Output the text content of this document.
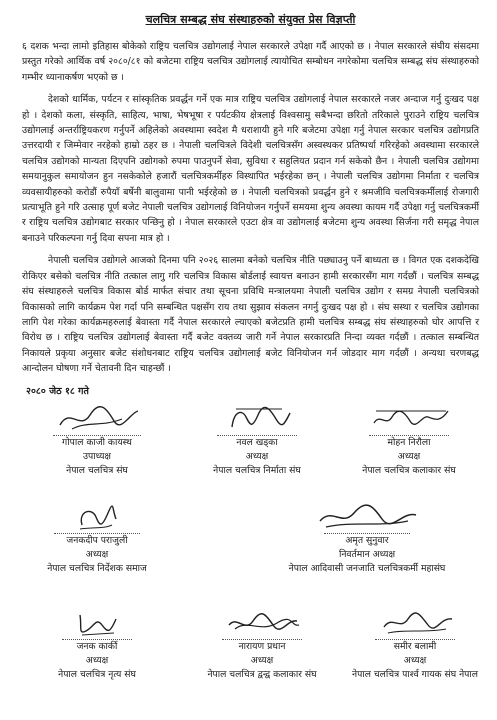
चलचित्र सम्बद्ध संघ संस्थाहरुको संयुक्त प्रेस विज्ञप्ती

६ दशक भन्दा लामो इतिहास बोकेको राष्ट्रिय चलचित्र उद्योगलाई नेपाल सरकारले उपेक्षा गर्दै आएको छ । नेपाल सरकारले संघीय संसदमा प्रस्तुत गरेको आर्थिक वर्ष २०८०/८१ को बजेटमा राष्ट्रिय चलचित्र उद्योगलाई त्यायोचित सम्बोधन नगरेकोमा चलचित्र सम्बद्ध संघ संस्थाहरुको गम्भीर ध्यानाकर्षण भएको छ ।

देशको धार्मिक, पर्यटन र सांस्कृतिक प्रवर्द्धन गर्ने एक मात्र राष्ट्रिय चलचित्र उद्योगलाई नेपाल सरकारले नजर अन्दाज गर्नु दुःखद पक्ष हो । देशको कला, संस्कृति, साहित्य, भाषा, भेषभूषा र पर्यटकीय क्षेत्रलाई विश्वसामु सबैभन्दा छरितो तरिकाले पुराउने राष्ट्रिय चलचित्र उद्योगलाई अन्तर्राष्ट्रियकरण गर्नुपर्ने अहिलेको अवस्थामा स्वदेश मै धराशायी हुने गरि बजेटमा उपेक्षा गर्नु नेपाल सरकार चलचित्र उद्योगप्रति उत्तरदायी र जिम्मेवार नरहेको हाम्रो ठहर छ । नेपाली चलचित्रले विदेशी चलचित्रसँग अस्वस्थकर प्रतिष्पर्धा गरिरहेको अवस्थामा सरकारले चलचित्र उद्योगको मान्यता दिएपनि उद्योगको रुपमा पाउनुपर्ने सेवा, सुविधा र सहुलियत प्रदान गर्न सकेको छैन । नेपाली चलचित्र उद्योगमा समयानुकुल समायोजन हुन नसकेकोले हजारौं चलचित्रकर्मीहरु विस्थापित भईरहेका छन् । नेपाली चलचित्र उद्योगमा निर्माता र चलचित्र व्यवसायीहरुको करोडौं रुपैयाँ बर्षेनी बालुवामा पानी भईरहेको छ । नेपाली चलचित्रको प्रवर्द्धन हुने र श्रमजीवि चलचित्रकर्मीलाई रोजगारी प्रत्याभूति हुने गरि उत्साह पूर्ण बजेट नेपाली चलचित्र उद्योगलाई विनियोजन गर्नुपर्ने समयमा शुन्य अवस्था कायम गर्दै उपेक्षा गर्नु चलचित्रकर्मी र राष्ट्रिय चलचित्र उद्योगबाट सरकार पन्छिनु हो । नेपाल सरकारले एउटा क्षेत्र वा उद्योगलाई बजेटमा शुन्य अवस्था सिर्जना गरी समृद्ध नेपाल बनाउने परिकल्पना गर्नु दिवा सपना मात्र हो ।

नेपाली चलचित्र उद्योगले आजको दिनमा पनि २०२६ सालमा बनेको चलचित्र नीति पछ्याउनु पर्ने बाध्यता छ । विगत एक दशकदेखि रोकिएर बसेको चलचित्र नीति तत्काल लागु गरि चलचित्र विकास बोर्डलाई स्वायत्त बनाउन हामी सरकारसँग माग गर्दछौं । चलचित्र सम्बद्ध संघ संस्थाहरुले चलचित्र विकास बोर्ड मार्फत संचार तथा सूचना प्रविधि मन्त्रालयमा नेपाली चलचित्र उद्योग र समग्र नेपाली चलचित्रको विकासको लागि कार्यक्रम पेश गर्दा पनि सम्बन्धित पक्षसँग राय तथा सुझाव संकलन नगर्नु दुःखद पक्ष हो । संघ सस्था र चलचित्र उद्योगका लागि पेश गरेका कार्यक्रमहरुलाई बेवास्ता गर्दै नेपाल सरकारले ल्याएको बजेटप्रति हामी चलचित्र सम्बद्ध संघ संस्थाहरुको घोर आपत्ति र विरोध छ । राष्ट्रिय चलचित्र उद्योगलाई बेवास्ता गर्दै बजेट वक्तव्य जारी गर्ने नेपाल सरकारप्रति निन्दा व्यक्त गर्दछौं । तत्काल सम्बन्धित निकायले प्रकृया अनुसार बजेट संशोधनबाट राष्ट्रिय चलचित्र उद्योगलाई बजेट विनियोजन गर्न जोडदार माग गर्दछौं । अन्यथा चरणबद्ध आन्दोलन घोषणा गर्ने चेतावनी दिन चाहन्छौं ।

२०८० जेठ १८ गते
गोपाल काजी कायस्थ
उपाध्यक्ष
नेपाल चलचित्र संघ
नवल खड्का
अध्यक्ष
नेपाल चलचित्र निर्माता संघ
मोहन निरौला
अध्यक्ष
नेपाल चलचित्र कलाकार संघ
जनकदीप पराजुली
अध्यक्ष
नेपाल चलचित्र निर्देशक समाज
अमृत सुनुवार
निवर्तमान अध्यक्ष
नेपाल आदिवासी जनजाति चलचित्रकर्मी महासंघ
जनक कार्की
अध्यक्ष
नेपाल चलचित्र नृत्य संघ
नारायण प्रधान
अध्यक्ष
नेपाल चलचित्र द्वन्द्व कलाकार संघ
समीर बलामी
अध्यक्ष
नेपाल चलचित्र पार्श्व गायक संघ नेपाल
